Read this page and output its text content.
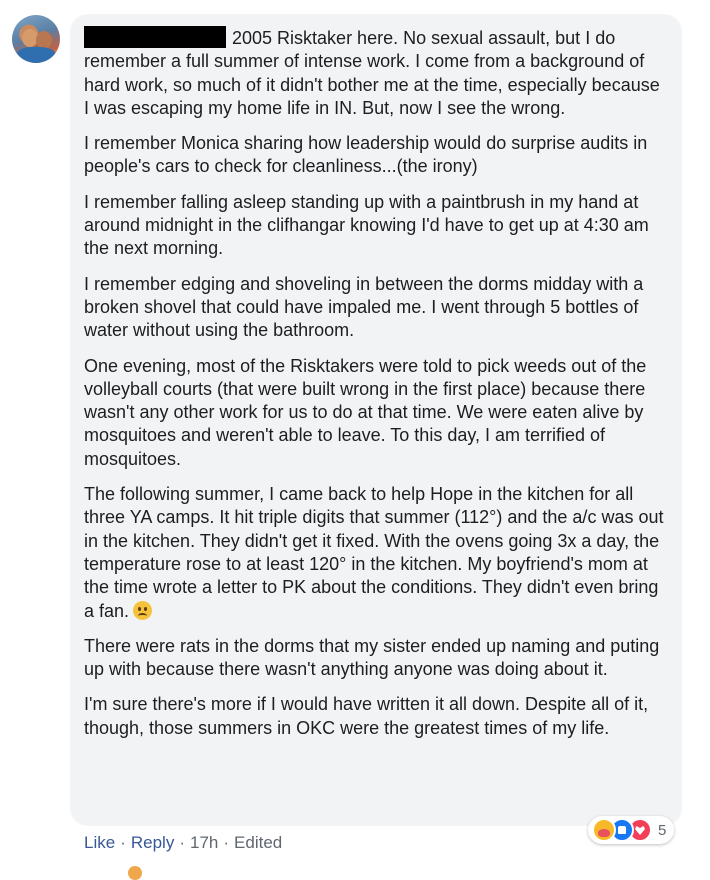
2005 Risktaker here. No sexual assault, but I do remember a full summer of intense work. I come from a background of hard work, so much of it didn't bother me at the time, especially because I was escaping my home life in IN. But, now I see the wrong.

I remember Monica sharing how leadership would do surprise audits in people's cars to check for cleanliness...(the irony)

I remember falling asleep standing up with a paintbrush in my hand at around midnight in the clifhangar knowing I'd have to get up at 4:30 am the next morning.

I remember edging and shoveling in between the dorms midday with a broken shovel that could have impaled me. I went through 5 bottles of water without using the bathroom.

One evening, most of the Risktakers were told to pick weeds out of the volleyball courts (that were built wrong in the first place) because there wasn't any other work for us to do at that time. We were eaten alive by mosquitoes and weren't able to leave. To this day, I am terrified of mosquitoes.

The following summer, I came back to help Hope in the kitchen for all three YA camps. It hit triple digits that summer (112°) and the a/c was out in the kitchen. They didn't get it fixed. With the ovens going 3x a day, the temperature rose to at least 120° in the kitchen. My boyfriend's mom at the time wrote a letter to PK about the conditions. They didn't even bring a fan.

There were rats in the dorms that my sister ended up naming and puting up with because there wasn't anything anyone was doing about it.

I'm sure there's more if I would have written it all down. Despite all of it, though, those summers in OKC were the greatest times of my life.

5
Like · Reply · 17h · Edited
